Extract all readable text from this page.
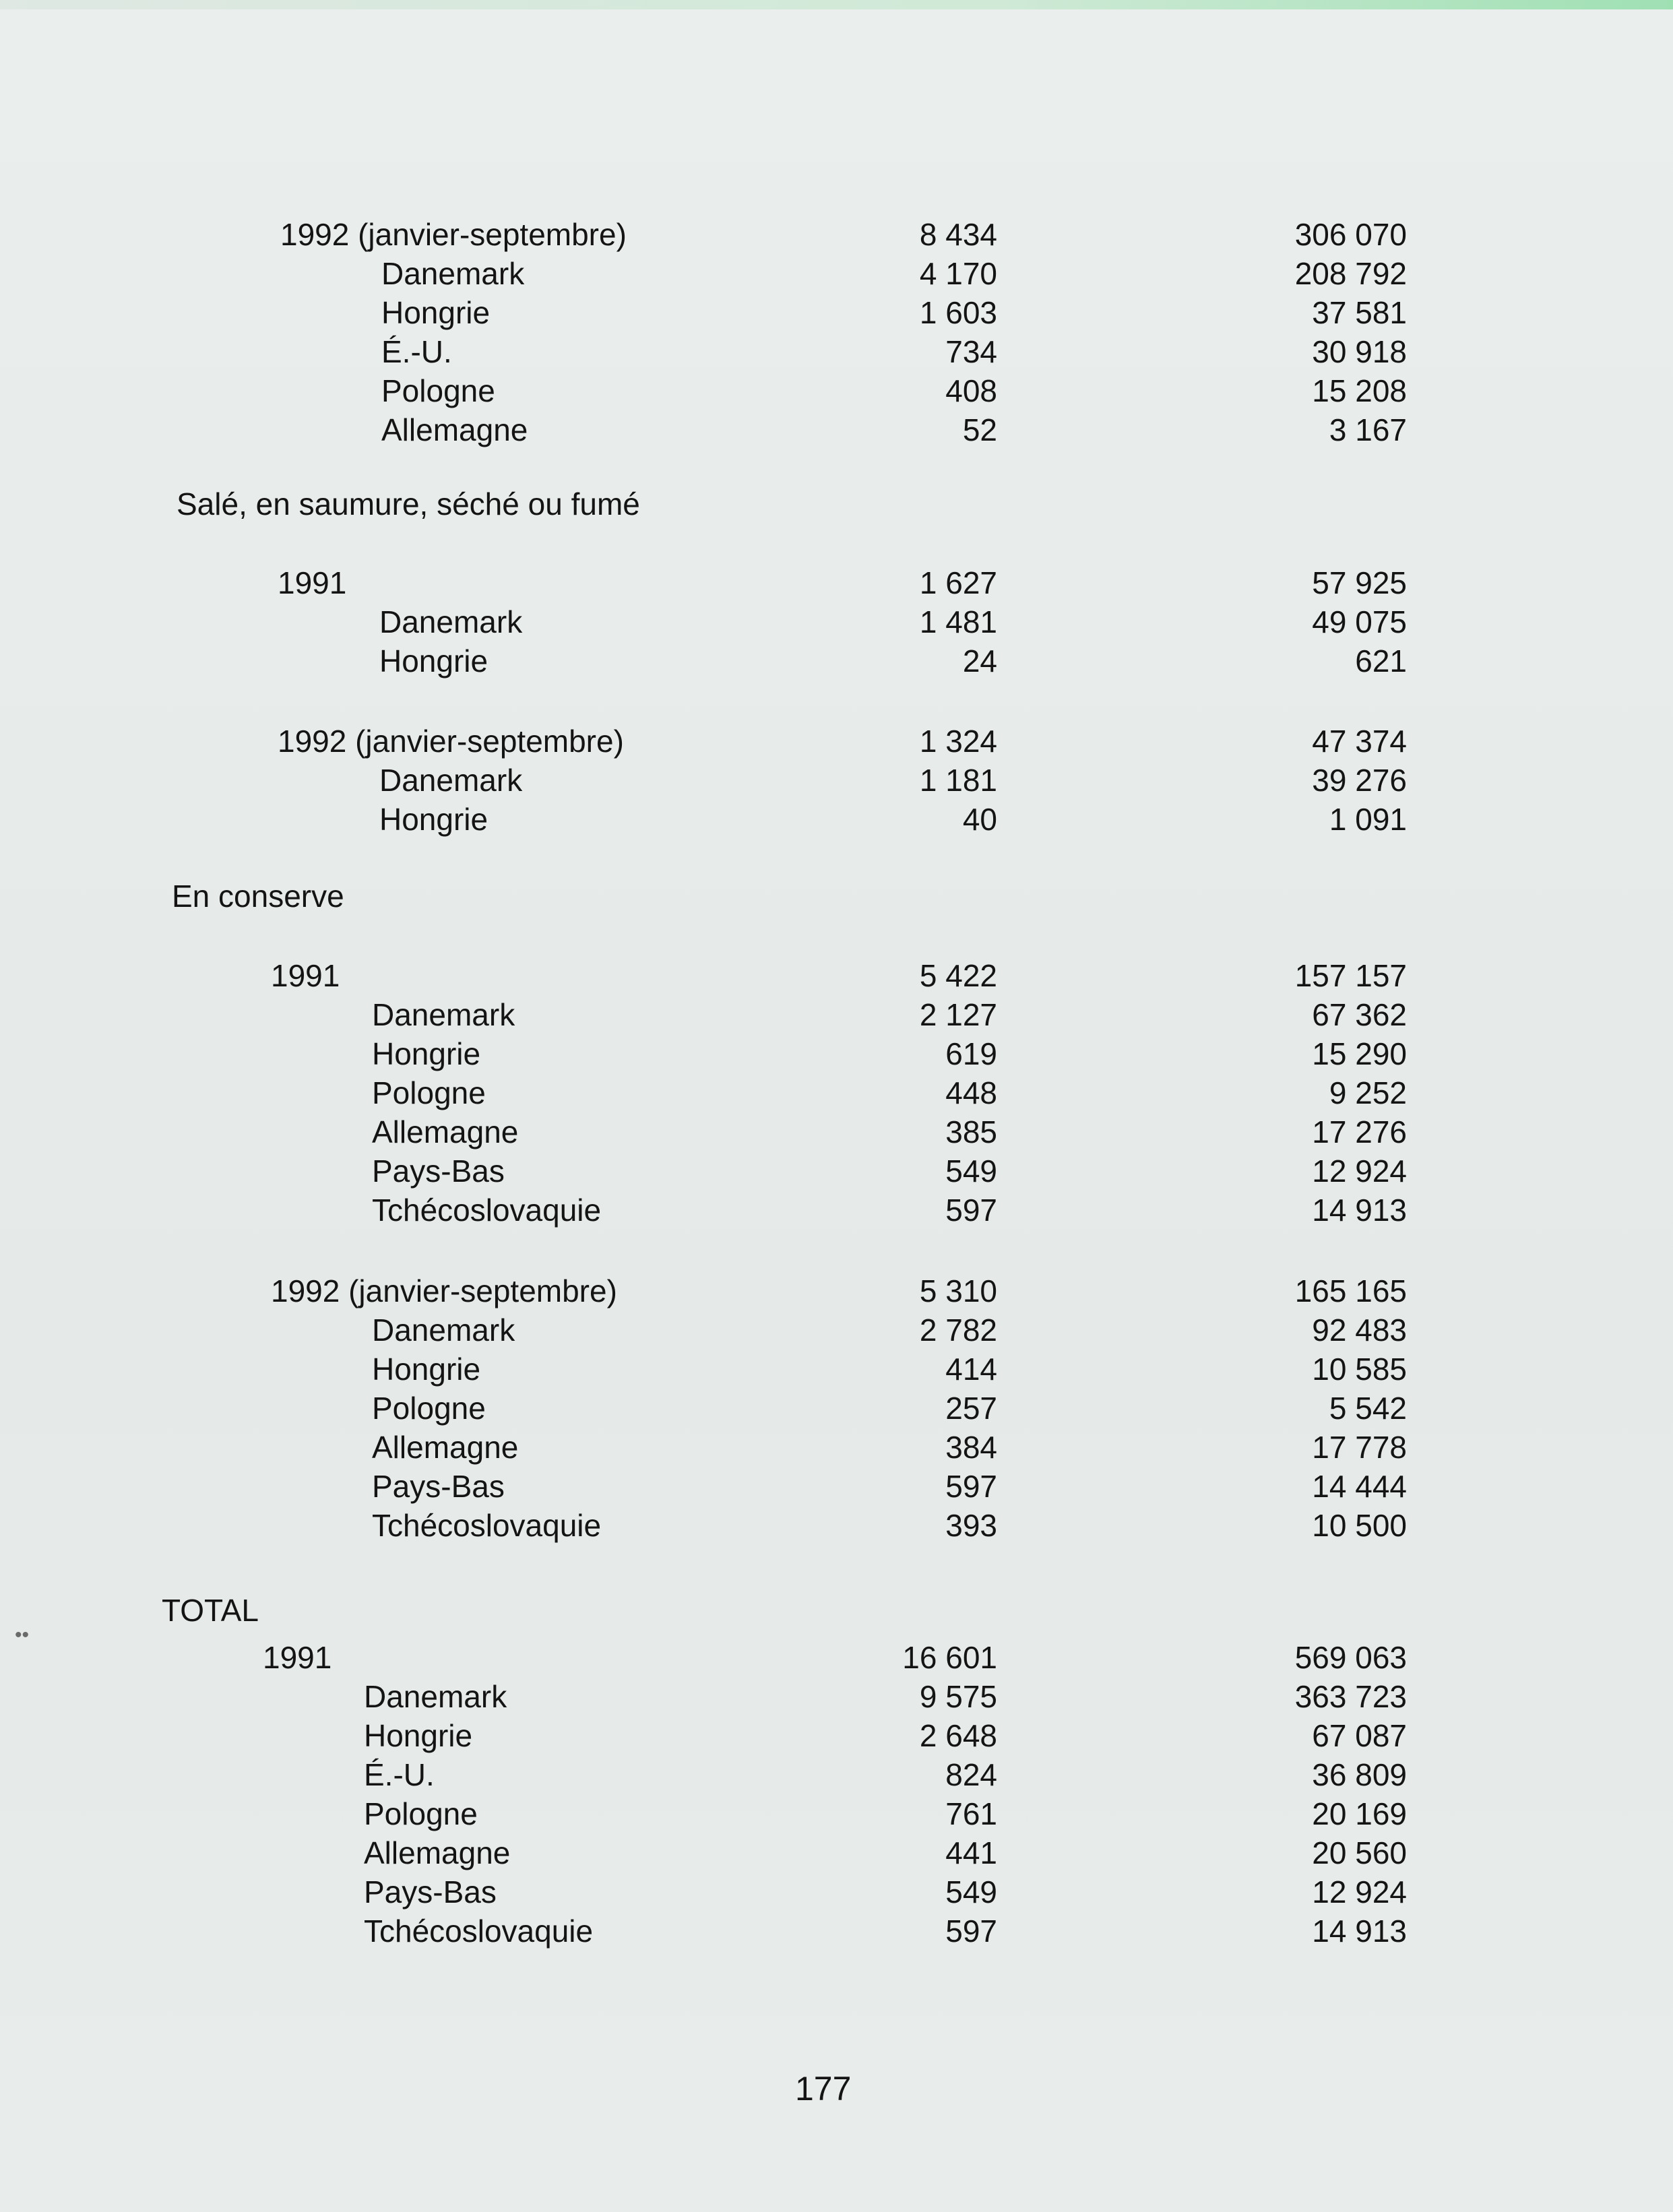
1992 (janvier-septembre)	8 434	306 070
Danemark	4 170	208 792
Hongrie	1 603	37 581
É.-U.	734	30 918
Pologne	408	15 208
Allemagne	52	3 167
Salé, en saumure, séché ou fumé
1991	1 627	57 925
Danemark	1 481	49 075
Hongrie	24	621
1992 (janvier-septembre)	1 324	47 374
Danemark	1 181	39 276
Hongrie	40	1 091
En conserve
1991	5 422	157 157
Danemark	2 127	67 362
Hongrie	619	15 290
Pologne	448	9 252
Allemagne	385	17 276
Pays-Bas	549	12 924
Tchécoslovaquie	597	14 913
1992 (janvier-septembre)	5 310	165 165
Danemark	2 782	92 483
Hongrie	414	10 585
Pologne	257	5 542
Allemagne	384	17 778
Pays-Bas	597	14 444
Tchécoslovaquie	393	10 500
TOTAL
1991	16 601	569 063
Danemark	9 575	363 723
Hongrie	2 648	67 087
É.-U.	824	36 809
Pologne	761	20 169
Allemagne	441	20 560
Pays-Bas	549	12 924
Tchécoslovaquie	597	14 913
••
177
